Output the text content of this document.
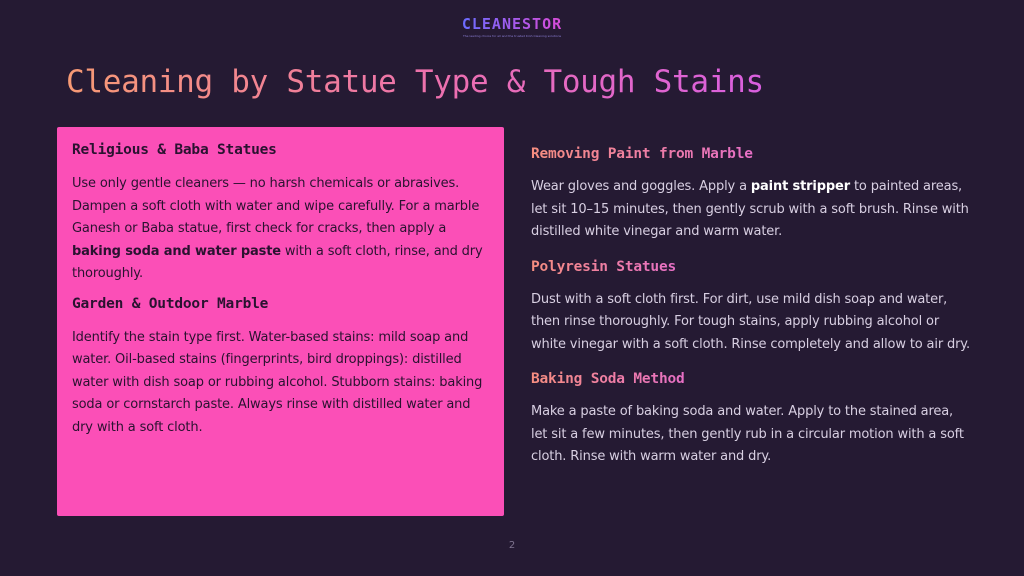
CLEANESTOR
The leading choice for all and the trusted Kinh Cleaning solutions
Cleaning by Statue Type & Tough Stains
Religious & Baba Statues

Use only gentle cleaners — no harsh chemicals or abrasives. Dampen a soft cloth with water and wipe carefully. For a marble Ganesh or Baba statue, first check for cracks, then apply a baking soda and water paste with a soft cloth, rinse, and dry thoroughly.

Garden & Outdoor Marble

Identify the stain type first. Water-based stains: mild soap and water. Oil-based stains (fingerprints, bird droppings): distilled water with dish soap or rubbing alcohol. Stubborn stains: baking soda or cornstarch paste. Always rinse with distilled water and dry with a soft cloth.

Removing Paint from Marble

Wear gloves and goggles. Apply a paint stripper to painted areas, let sit 10–15 minutes, then gently scrub with a soft brush. Rinse with distilled white vinegar and warm water.

Polyresin Statues

Dust with a soft cloth first. For dirt, use mild dish soap and water, then rinse thoroughly. For tough stains, apply rubbing alcohol or white vinegar with a soft cloth. Rinse completely and allow to air dry.

Baking Soda Method

Make a paste of baking soda and water. Apply to the stained area, let sit a few minutes, then gently rub in a circular motion with a soft cloth. Rinse with warm water and dry.

2
